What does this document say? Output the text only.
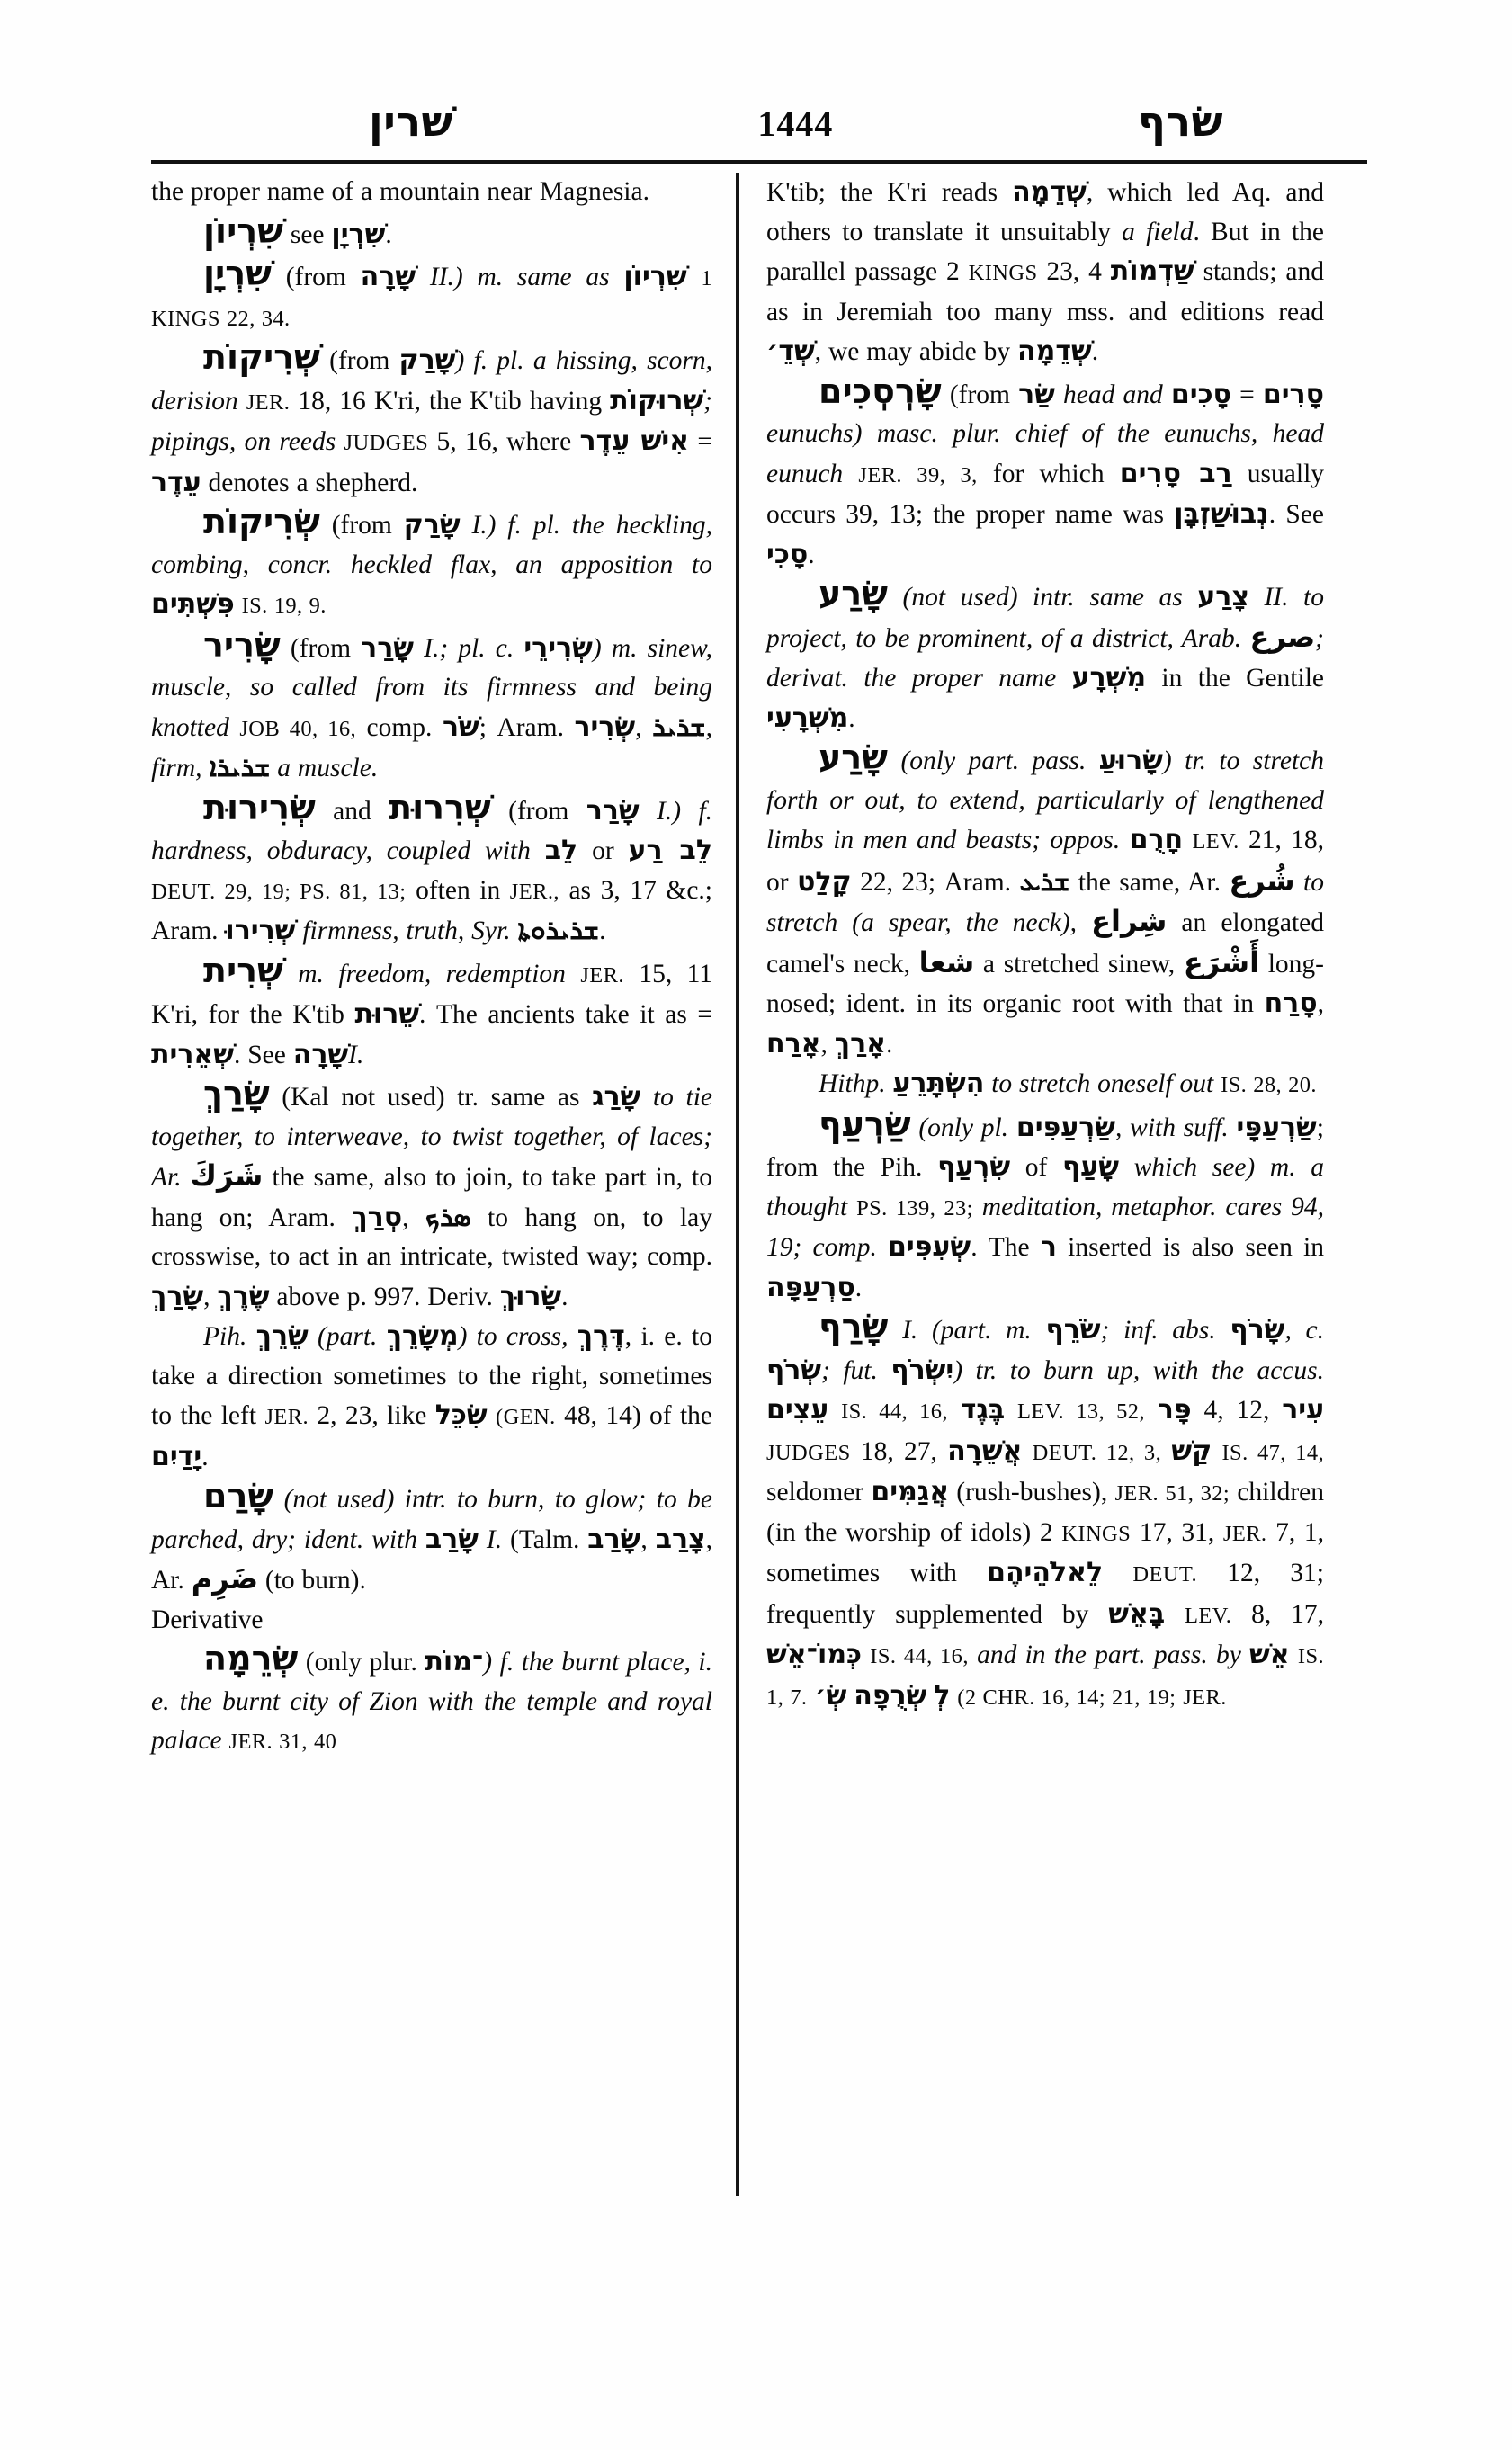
שׁרין	1444	שׂרף

the proper name of a mountain near Magnesia.

שִׁרְיוֹן see שִׁרְיָן.

שִׁרְיָן (from שָׁרָה II.) m. same as שִׁרְיוֹן 1 KINGS 22, 34.

שְׁרִיקוֹת (from שָׁרַק) f. pl. a hissing, scorn, derision JER. 18, 16 K'ri, the K'tib having שְׁרוּקוֹת; pipings, on reeds JUDGES 5, 16, where אִישׁ עֵדֶר = עֵדֶר denotes a shepherd.

שְׂרִיקוֹת (from שָׂרַק I.) f. pl. the heckling, combing, concr. heckled flax, an apposition to פִּשְׁתִּים IS. 19, 9.

שָׂרִיר (from שָׂרַר I.; pl. c. שְׂרִירֵי) m. sinew, muscle, so called from its firmness and being knotted JOB 40, 16, comp. שֹׁר; Aram. שְׂרִיר, ܫܪܝܪ, firm, ܫܪܝܪܐ a muscle.

שְׂרִירוּת and שְׁרִרוּת (from שָׂרַר I.) f. hardness, obduracy, coupled with לֵב or לֵב רַע DEUT. 29, 19; PS. 81, 13; often in JER., as 3, 17 &c.; Aram. שְׁרִירוּ firmness, truth, Syr. ܫܪܝܪܘܬܐ.

שְׁרִית m. freedom, redemption JER. 15, 11 K'ri, for the K'tib שֵׁרוּת. The ancients take it as = שְׁאֵרִית. See שָׁרָהI.

שָׂרַךְ (Kal not used) tr. same as שָׂרַג to tie together, to interweave, to twist together, of laces; Ar. شَرَكَ the same, also to join, to take part in, to hang on; Aram. סְרַךְ, ܣܪܟ to hang on, to lay crosswise, to act in an intricate, twisted way; comp. שָׂרַךְ, שֶׂרֶךְ above p. 997. Deriv. שָׂרוּךְ.

Pih. שֵׂרֵךְ (part. מְשָׂרֵךְ) to cross, דֶּרֶךְ, i. e. to take a direction sometimes to the right, sometimes to the left JER. 2, 23, like שִׂכֵּל (GEN. 48, 14) of the יָדַיִם.

שָׂרַם (not used) intr. to burn, to glow; to be parched, dry; ident. with שָׂרַב I. (Talm. שָׂרַב, צָרַב, Ar. ضَرِم (to burn).
Derivative

שְׂרֵמָה (only plur. ־מוֹת) f. the burnt place, i. e. the burnt city of Zion with the temple and royal palace JER. 31, 40

K'tib; the K'ri reads שְׁדֵמָה, which led Aq. and others to translate it unsuitably a field. But in the parallel passage 2 KINGS 23, 4 שַׁדְמוֹת stands; and as in Jeremiah too many mss. and editions read שְׁדֵ׳, we may abide by שְׁדֵמָה.

שָׂרְסְכִים (from שַׂר head and סָכִים = סָרִים eunuchs) masc. plur. chief of the eunuchs, head eunuch JER. 39, 3, for which רַב סָרִים usually occurs 39, 13; the proper name was נְבוּשַׁזְבָּן. See סָכִי.

שָׂרַע (not used) intr. same as צָרַע II. to project, to be prominent, of a district, Arab. صرع; derivat. the proper name מִשְׁרָע in the Gentile מִשְׁרָעִי.

שָׂרַע (only part. pass. שָׂרוּעַ) tr. to stretch forth or out, to extend, particularly of lengthened limbs in men and beasts; oppos. חָרֻם LEV. 21, 18, or קָלַט 22, 23; Aram. ܫܪܥ the same, Ar. شُرع to stretch (a spear, the neck), شِراع an elongated camel's neck, شعا a stretched sinew, أَشْرَع long-nosed; ident. in its organic root with that in סָרַח, אָרַח, אָרַךְ.

Hithp. הִשְׂתָּרֵעַ to stretch oneself out IS. 28, 20.

שַׂרְעַף (only pl. שַׂרְעַפִּים, with suff. שַׂרְעַפָּי; from the Pih. שִׂרְעַף of שָׂעַף which see) m. a thought PS. 139, 23; meditation, metaphor. cares 94, 19; comp. שְׂעִפִּים. The ר inserted is also seen in סַרְעַפָּה.

שָׂרַף I. (part. m. שֹׂרֵף; inf. abs. שָׂרֹף, c. שְׂרֹף; fut. יִשְׂרֹף) tr. to burn up, with the accus. עֵצִים IS. 44, 16, בֶּגֶד LEV. 13, 52, פָּר 4, 12, עִיר JUDGES 18, 27, אֲשֵׁרָה DEUT. 12, 3, קַשׁ IS. 47, 14, seldomer אֲגַמִּים (rush-bushes), JER. 51, 32; children (in the worship of idols) 2 KINGS 17, 31, JER. 7, 1, sometimes with לֵאלֹהֵיהֶם DEUT. 12, 31; frequently supplemented by בָּאֵשׁ LEV. 8, 17, כְּמוֹ־אֵשׁ IS. 44, 16, and in the part. pass. by אֵשׁ IS. 1, 7. שְׂ׳ שְׂרֻפָה לְ (2 CHR. 16, 14; 21, 19; JER.
